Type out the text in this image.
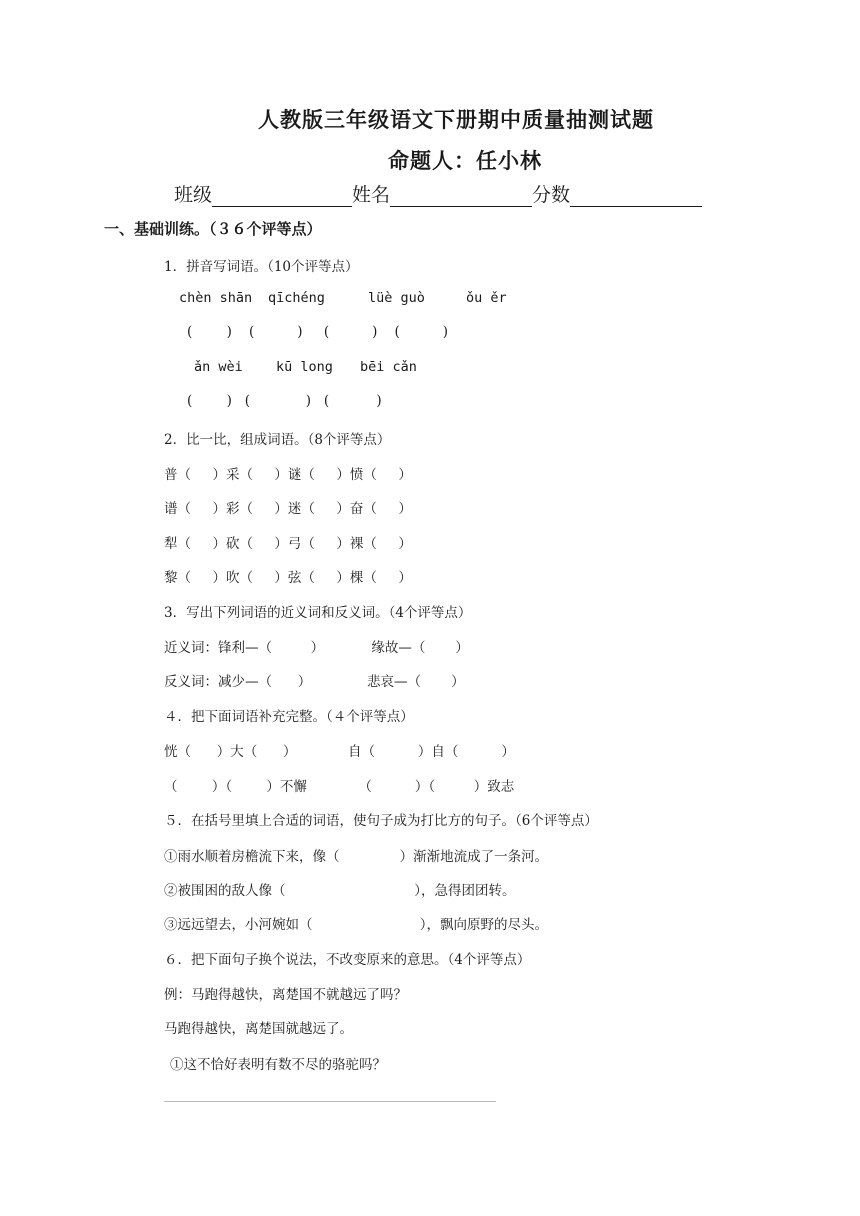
人教版三年级语文下册期中质量抽测试题
命题人：任小林
班级	姓名	分数
一、基础训练。（３６个评等点）
1．拼音写词语。（10个评等点）
chèn shān qīchéng	lüè guò	ǒu ěr
(        )    (          )     (          )    (          )
ǎn wèi kū long bēi cǎn
(        )   (             )   (           )
2．比一比，组成词语。（8个评等点）
普（     ）采（     ）谜（     ）愤（     ）
谱（     ）彩（     ）迷（     ）奋（     ）
犁（     ）砍（     ）弓（     ）裸（     ）
黎（     ）吹（     ）弦（     ）棵（     ）
3．写出下列词语的近义词和反义词。（4个评等点）
近义词：锋利—（         ）           缘故—（       ）
反义词：减少—（      ）             悲哀—（       ）
４．把下面词语补充完整。（４个评等点）
恍（      ）大（      ）            自（          ）自（          ）
（        ）（        ）不懈            （          ）（         ）致志
５．在括号里填上合适的词语，使句子成为打比方的句子。（6个评等点）
①雨水顺着房檐流下来，像（              ）渐渐地流成了一条河。
②被围困的敌人像（                              ），急得团团转。
③远远望去，小河婉如（                         ），飘向原野的尽头。
６．把下面句子换个说法，不改变原来的意思。（4个评等点）
例：马跑得越快，离楚国不就越远了吗？
马跑得越快，离楚国就越远了。
①这不恰好表明有数不尽的骆驼吗？
